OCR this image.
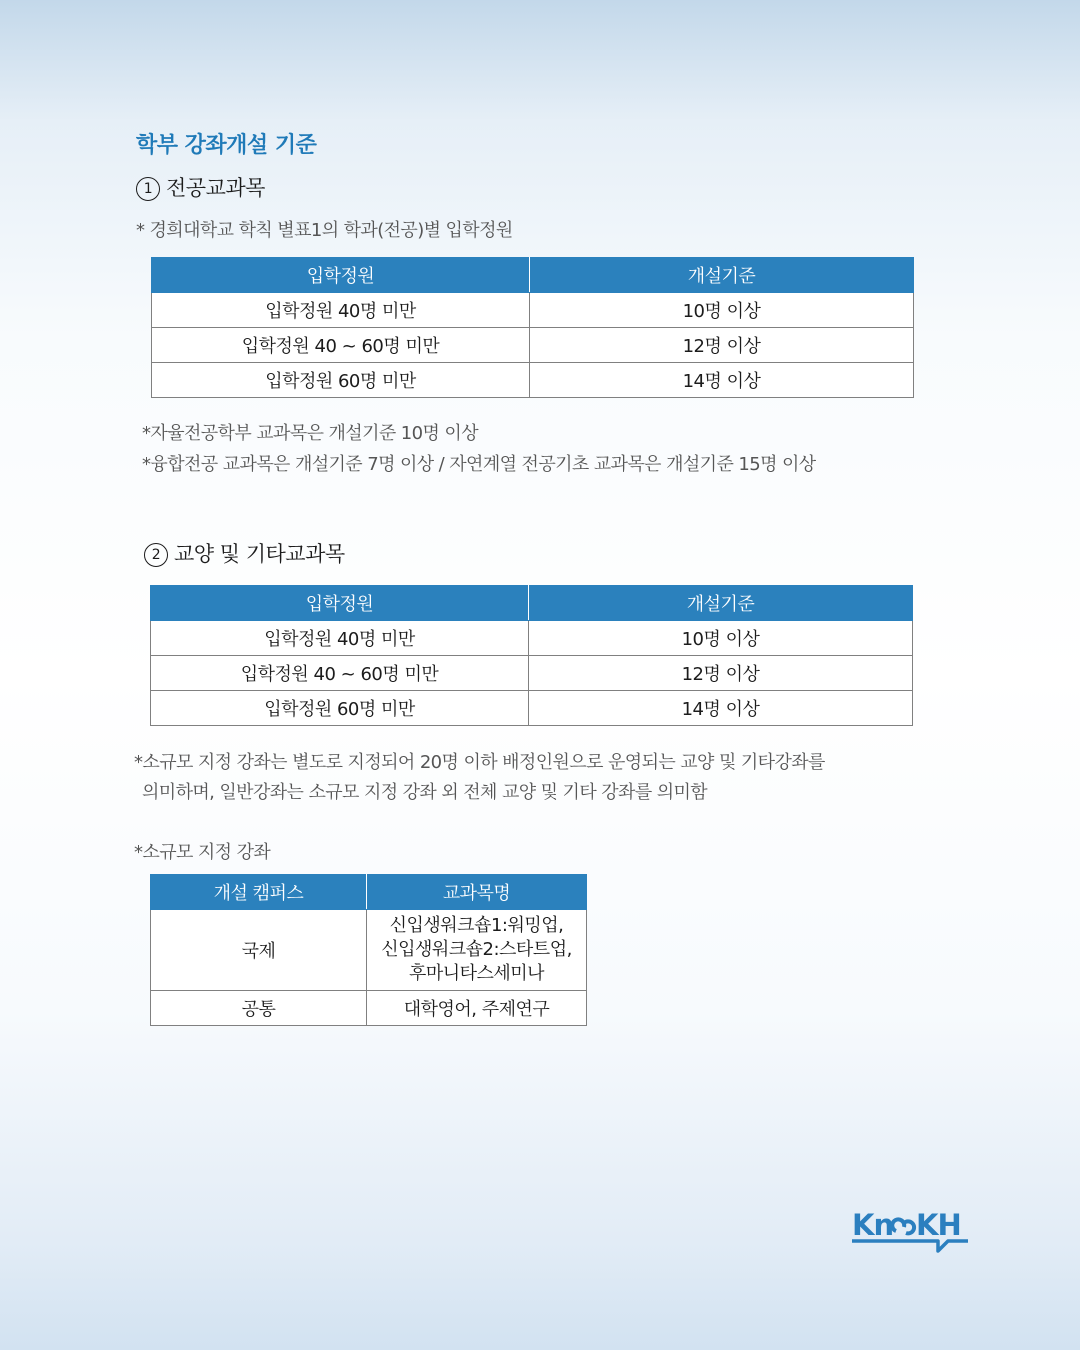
학부 강좌개설 기준
1 전공교과목
* 경희대학교 학칙 별표1의 학과(전공)별 입학정원
입학정원	개설기준
입학정원 40명 미만	10명 이상
입학정원 40 ~ 60명 미만	12명 이상
입학정원 60명 미만	14명 이상
*자율전공학부 교과목은 개설기준 10명 이상
*융합전공 교과목은 개설기준 7명 이상 / 자연계열 전공기초 교과목은 개설기준 15명 이상
2 교양 및 기타교과목
입학정원	개설기준
입학정원 40명 미만	10명 이상
입학정원 40 ~ 60명 미만	12명 이상
입학정원 60명 미만	14명 이상
*소규모 지정 강좌는 별도로 지정되어 20명 이하 배정인원으로 운영되는 교양 및 기타강좌를
의미하며, 일반강좌는 소규모 지정 강좌 외 전체 교양 및 기타 강좌를 의미함
*소규모 지정 강좌
개설 캠퍼스	교과목명
국제	신입생워크숍1:워밍업,
신입생워크숍2:스타트업,
후마니타스세미나

공통	대학영어, 주제연구
Kn KH
